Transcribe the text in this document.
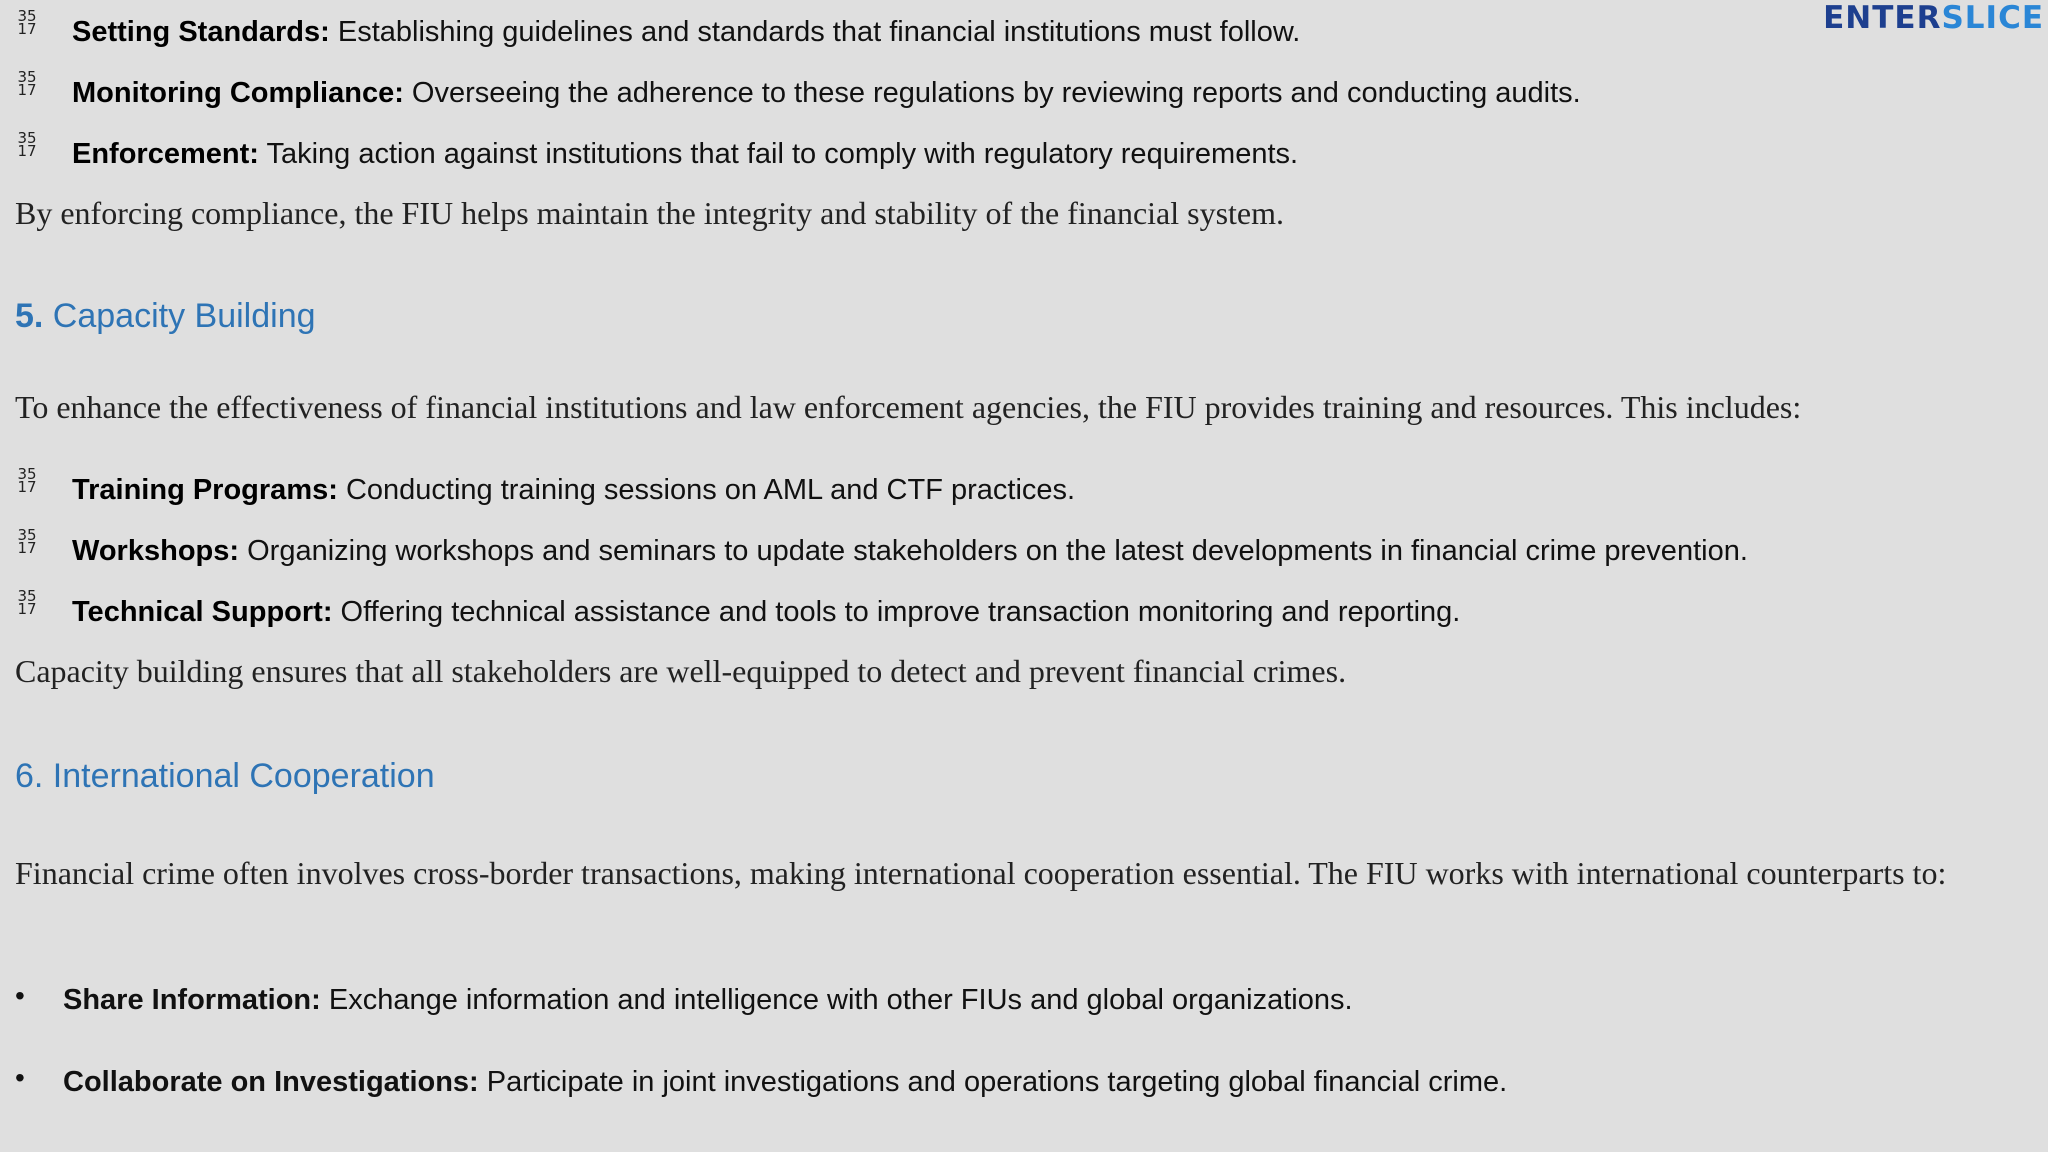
ENTERSLICE
35
17 Setting Standards: Establishing guidelines and standards that financial institutions must follow.
35
17 Monitoring Compliance: Overseeing the adherence to these regulations by reviewing reports and conducting audits.
35
17 Enforcement: Taking action against institutions that fail to comply with regulatory requirements.
By enforcing compliance, the FIU helps maintain the integrity and stability of the financial system.
5. Capacity Building
To enhance the effectiveness of financial institutions and law enforcement agencies, the FIU provides training and resources. This includes:
35
17 Training Programs: Conducting training sessions on AML and CTF practices.
35
17 Workshops: Organizing workshops and seminars to update stakeholders on the latest developments in financial crime prevention.
35
17 Technical Support: Offering technical assistance and tools to improve transaction monitoring and reporting.
Capacity building ensures that all stakeholders are well-equipped to detect and prevent financial crimes.
6. International Cooperation
Financial crime often involves cross-border transactions, making international cooperation essential. The FIU works with international counterparts to:
• Share Information: Exchange information and intelligence with other FIUs and global organizations.
• Collaborate on Investigations: Participate in joint investigations and operations targeting global financial crime.
